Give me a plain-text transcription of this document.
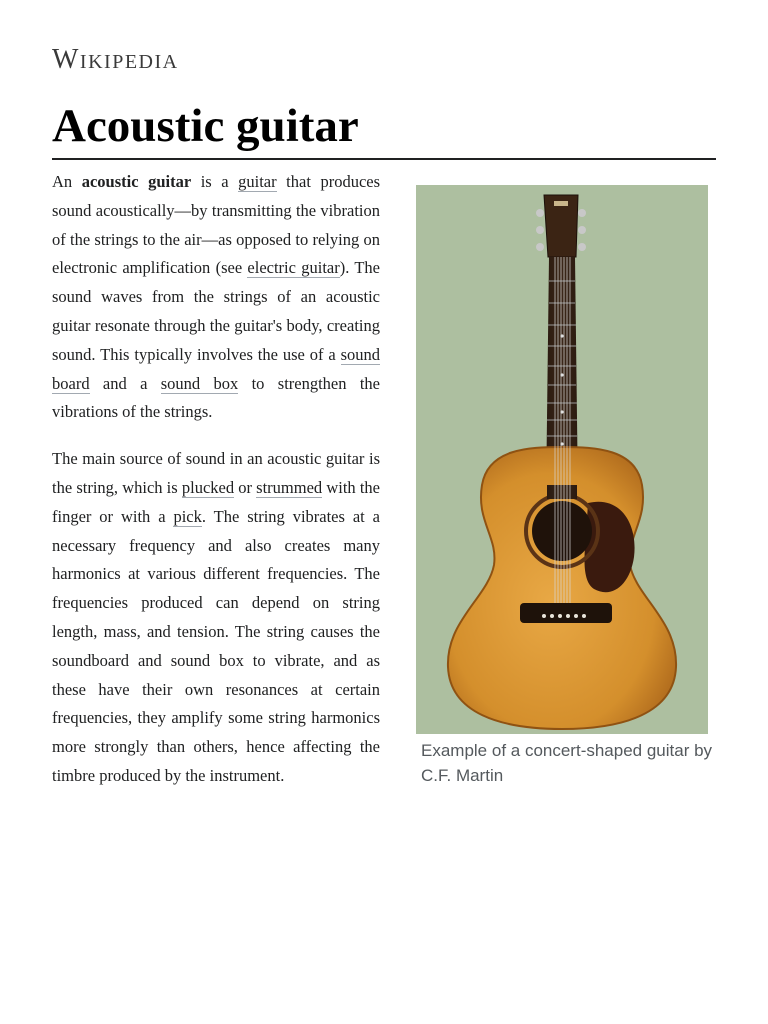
Wikipedia
Acoustic guitar
Example of a concert-shaped guitar by C.F. Martin

An acoustic guitar is a guitar that produces sound acoustically—by transmitting the vibration of the strings to the air—as opposed to relying on electronic amplification (see electric guitar). The sound waves from the strings of an acoustic guitar resonate through the guitar's body, creating sound. This typically involves the use of a sound board and a sound box to strengthen the vibrations of the strings.

The main source of sound in an acoustic guitar is the string, which is plucked or strummed with the finger or with a pick. The string vibrates at a necessary frequency and also creates many harmonics at various different frequencies. The frequencies produced can depend on string length, mass, and tension. The string causes the soundboard and sound box to vibrate, and as these have their own resonances at certain frequencies, they amplify some string harmonics more strongly than others, hence affecting the timbre produced by the instrument.
